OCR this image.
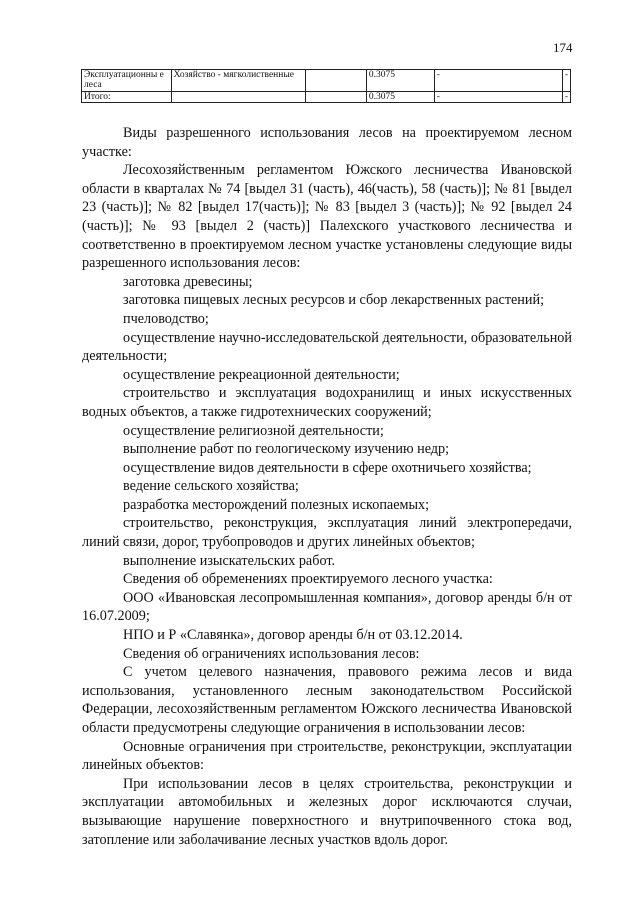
174
Эксплуатационны е леса	Хозяйство - мягколиственные		0.3075	-	-
Итого:			0.3075	-	-

Виды разрешенного использования лесов на проектируемом лесном участке:

Лесохозяйственным регламентом Южского лесничества Ивановской области в кварталах № 74 [выдел 31 (часть), 46(часть), 58 (часть)]; № 81 [выдел 23 (часть)]; № 82 [выдел 17(часть)]; № 83 [выдел 3 (часть)]; № 92 [выдел 24 (часть)]; № 93 [выдел 2 (часть)] Палехского участкового лесничества и соответственно в проектируемом лесном участке установлены следующие виды разрешенного использования лесов:

заготовка древесины;

заготовка пищевых лесных ресурсов и сбор лекарственных растений;

пчеловодство;

осуществление научно-исследовательской деятельности, образовательной деятельности;

осуществление рекреационной деятельности;

строительство и эксплуатация водохранилищ и иных искусственных водных объектов, а также гидротехнических сооружений;

осуществление религиозной деятельности;

выполнение работ по геологическому изучению недр;

осуществление видов деятельности в сфере охотничьего хозяйства;

ведение сельского хозяйства;

разработка месторождений полезных ископаемых;

строительство, реконструкция, эксплуатация линий электропередачи, линий связи, дорог, трубопроводов и других линейных объектов;

выполнение изыскательских работ.

Сведения об обременениях проектируемого лесного участка:

ООО «Ивановская лесопромышленная компания», договор аренды б/н от 16.07.2009;

НПО и Р «Славянка», договор аренды б/н от 03.12.2014.

Сведения об ограничениях использования лесов:

С учетом целевого назначения, правового режима лесов и вида использования, установленного лесным законодательством Российской Федерации, лесохозяйственным регламентом Южского лесничества Ивановской области предусмотрены следующие ограничения в использовании лесов:

Основные ограничения при строительстве, реконструкции, эксплуатации линейных объектов:

При использовании лесов в целях строительства, реконструкции и эксплуатации автомобильных и железных дорог исключаются случаи, вызывающие нарушение поверхностного и внутрипочвенного стока вод, затопление или заболачивание лесных участков вдоль дорог.
